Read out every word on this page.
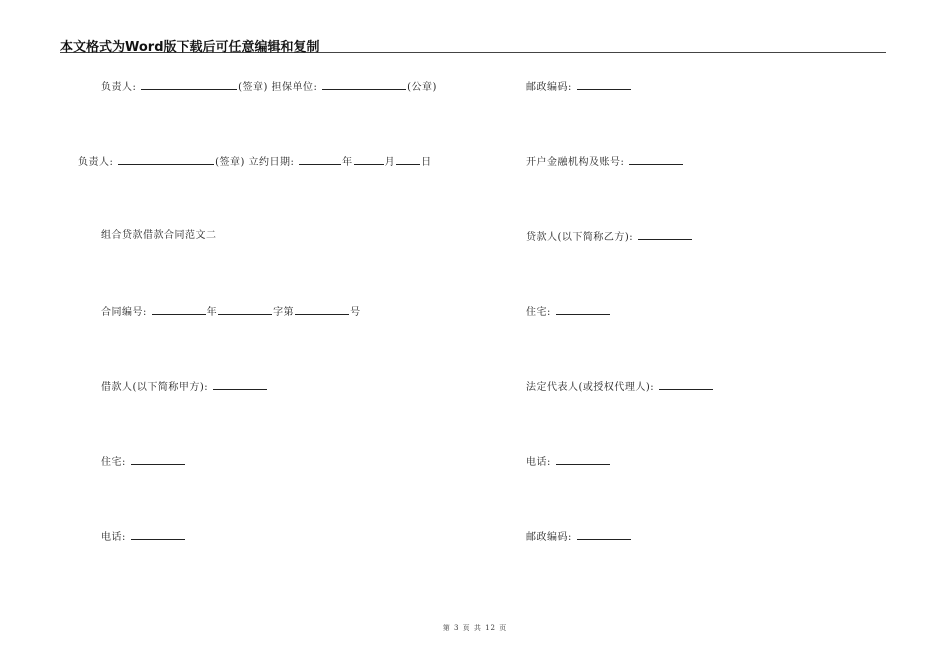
本文格式为Word版下载后可任意编辑和复制
负责人:	(签章) 担保单位:	(公章)
负责人:	(签章) 立约日期:	年	月	日
组合贷款借款合同范文二
合同编号:	年	字第	号
借款人(以下简称甲方):
住宅:
电话:
邮政编码:
开户金融机构及账号:
贷款人(以下简称乙方):
住宅:
法定代表人(或授权代理人):
电话:
邮政编码:
第 3 页 共 12 页
